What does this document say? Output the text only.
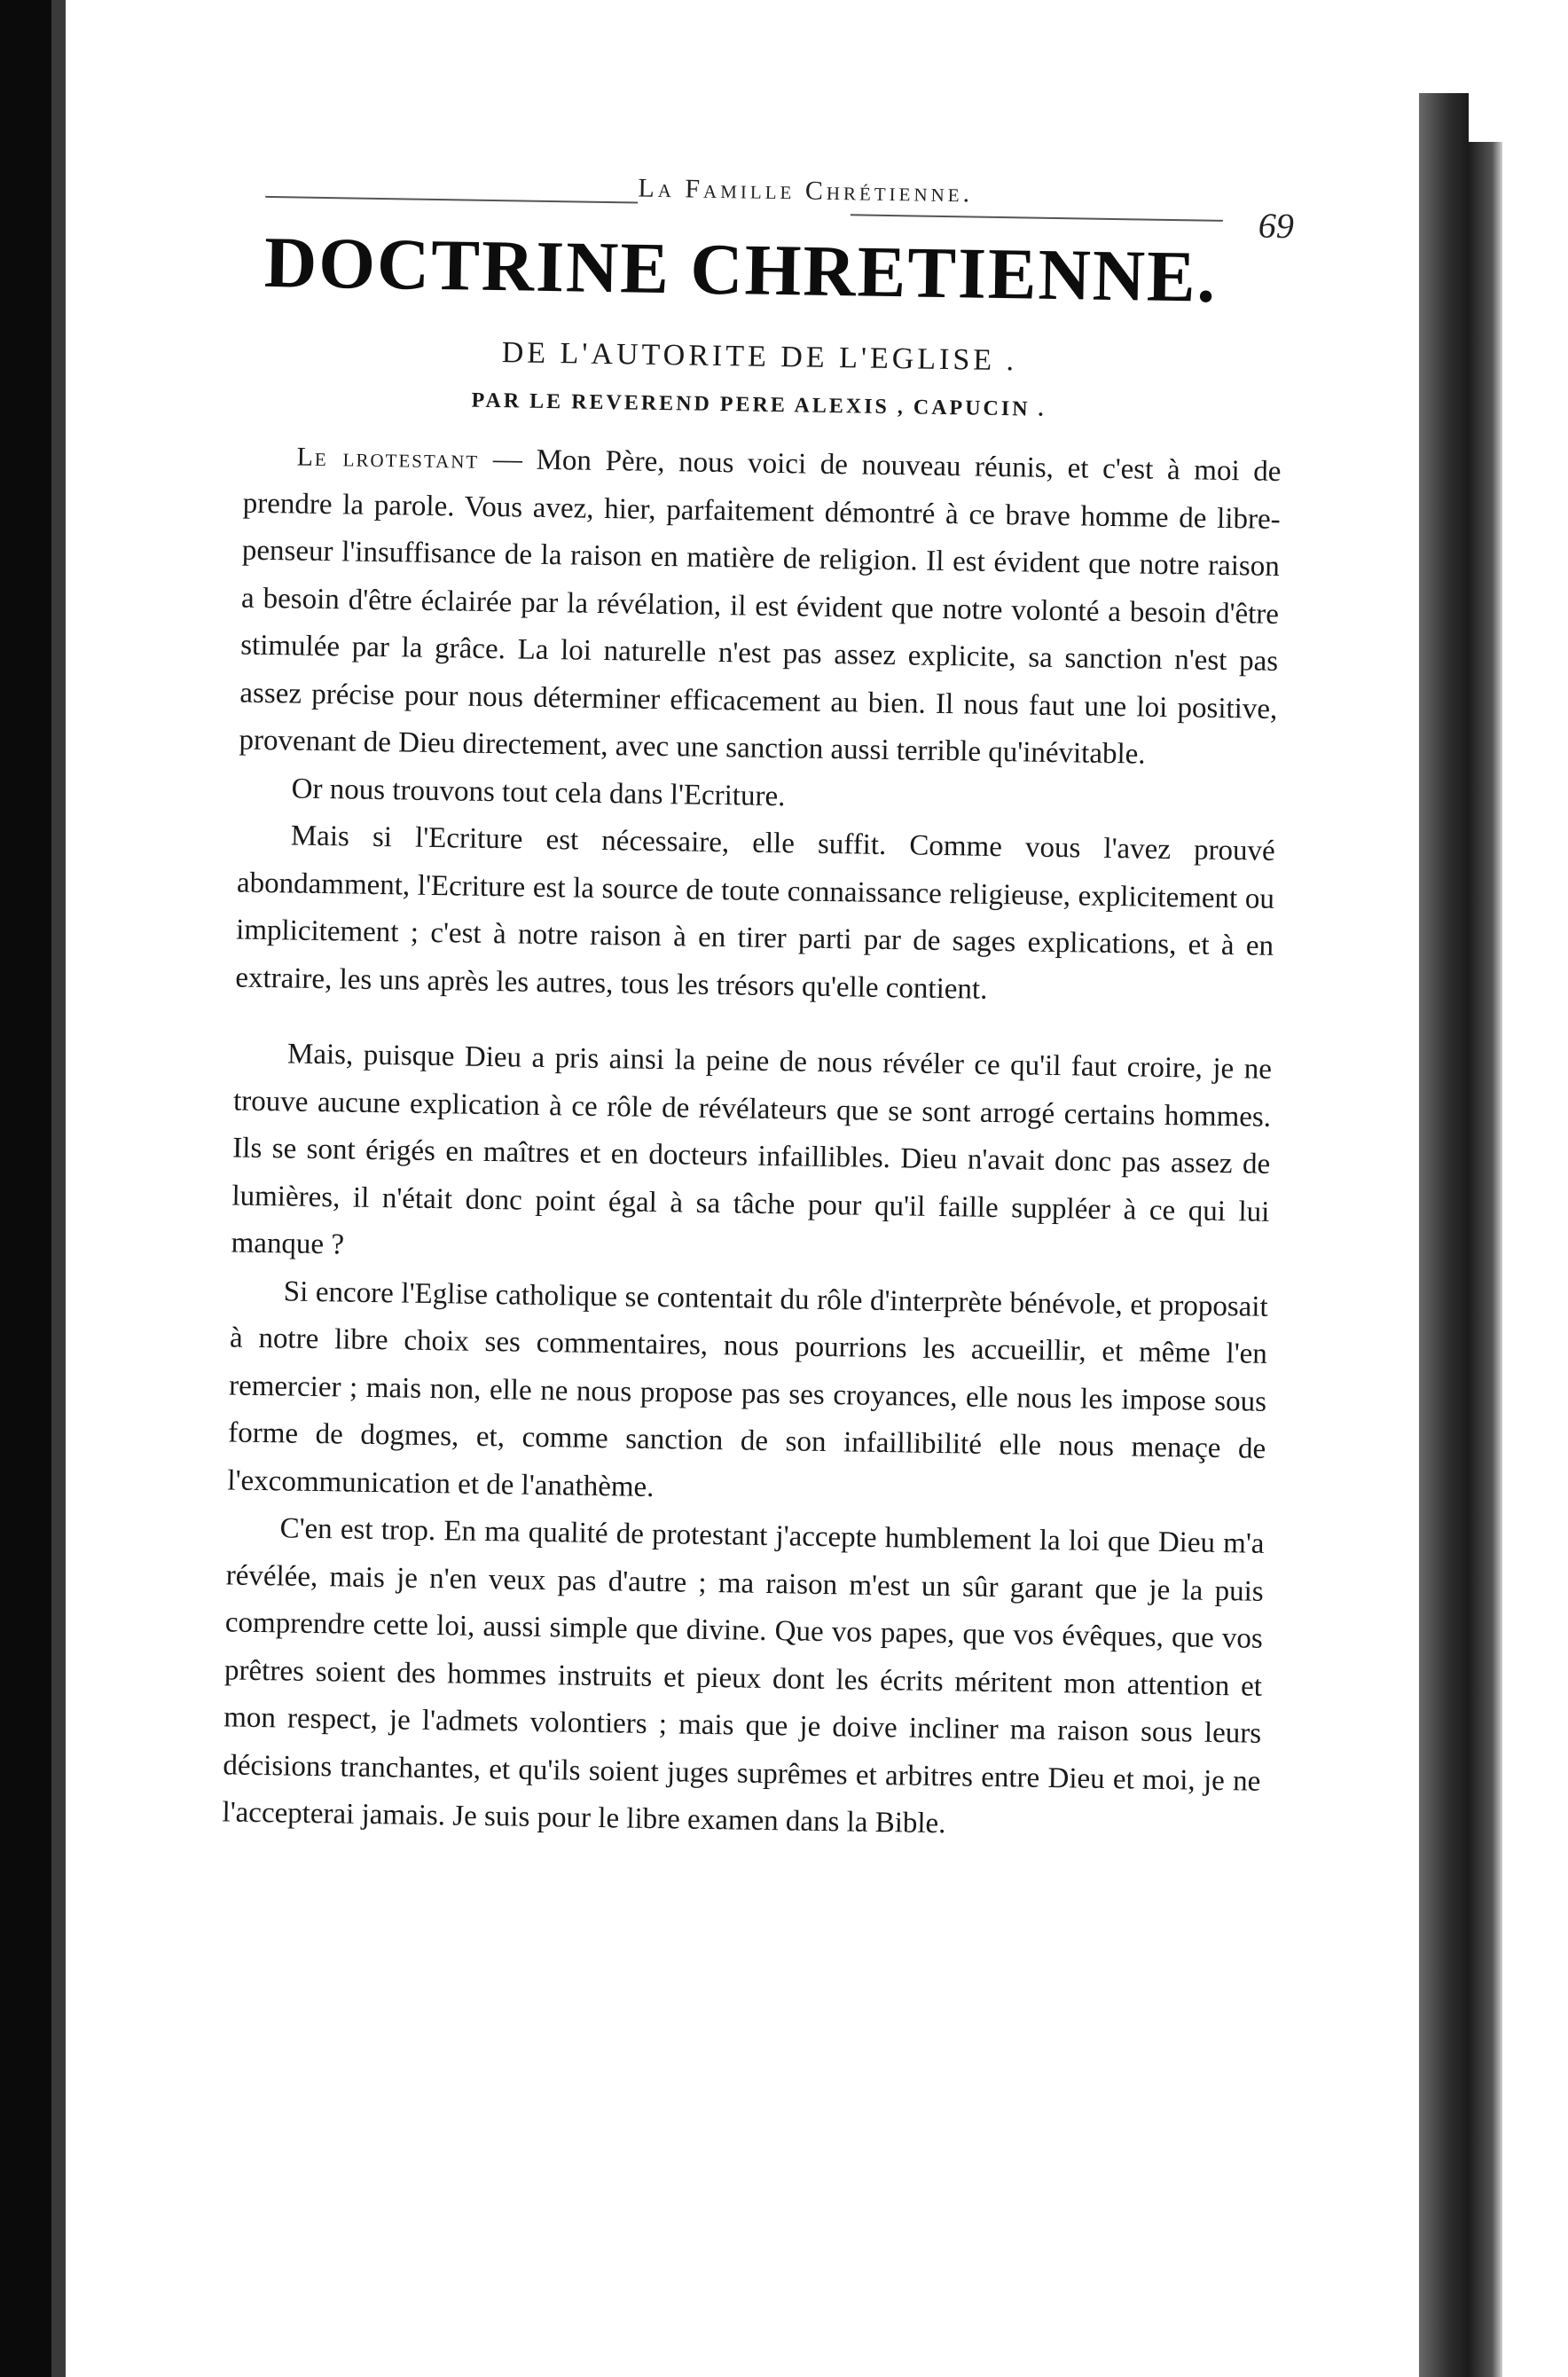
La Famille Chrétienne.
69
DOCTRINE CHRETIENNE.
DE L'AUTORITE DE L'EGLISE .
PAR LE REVEREND PERE ALEXIS , CAPUCIN .

Le lrotestant — Mon Père, nous voici de nouveau réunis, et c'est à moi de prendre la parole. Vous avez, hier, parfaitement démontré à ce brave homme de libre-penseur l'insuffisance de la raison en matière de religion. Il est évident que notre raison a besoin d'être éclairée par la révélation, il est évident que notre volonté a besoin d'être stimulée par la grâce. La loi naturelle n'est pas assez explicite, sa sanction n'est pas assez précise pour nous déterminer efficacement au bien. Il nous faut une loi positive, provenant de Dieu directement, avec une sanction aussi terrible qu'inévitable.

Or nous trouvons tout cela dans l'Ecriture.

Mais si l'Ecriture est nécessaire, elle suffit. Comme vous l'avez prouvé abondamment, l'Ecriture est la source de toute connaissance religieuse, explicitement ou implicitement ; c'est à notre raison à en tirer parti par de sages explications, et à en extraire, les uns après les autres, tous les trésors qu'elle contient.

Mais, puisque Dieu a pris ainsi la peine de nous révéler ce qu'il faut croire, je ne trouve aucune explication à ce rôle de révélateurs que se sont arrogé certains hommes. Ils se sont érigés en maîtres et en docteurs infaillibles. Dieu n'avait donc pas assez de lumières, il n'était donc point égal à sa tâche pour qu'il faille suppléer à ce qui lui manque ?

Si encore l'Eglise catholique se contentait du rôle d'interprète bénévole, et proposait à notre libre choix ses commentaires, nous pourrions les accueillir, et même l'en remercier ; mais non, elle ne nous propose pas ses croyances, elle nous les impose sous forme de dogmes, et, comme sanction de son infaillibilité elle nous menaçe de l'excommunication et de l'anathème.

C'en est trop. En ma qualité de protestant j'accepte humblement la loi que Dieu m'a révélée, mais je n'en veux pas d'autre ; ma raison m'est un sûr garant que je la puis comprendre cette loi, aussi simple que divine. Que vos papes, que vos évêques, que vos prêtres soient des hommes instruits et pieux dont les écrits méritent mon attention et mon respect, je l'admets volontiers ; mais que je doive incliner ma raison sous leurs décisions tranchantes, et qu'ils soient juges suprêmes et arbitres entre Dieu et moi, je ne l'accepterai jamais. Je suis pour le libre examen dans la Bible.
